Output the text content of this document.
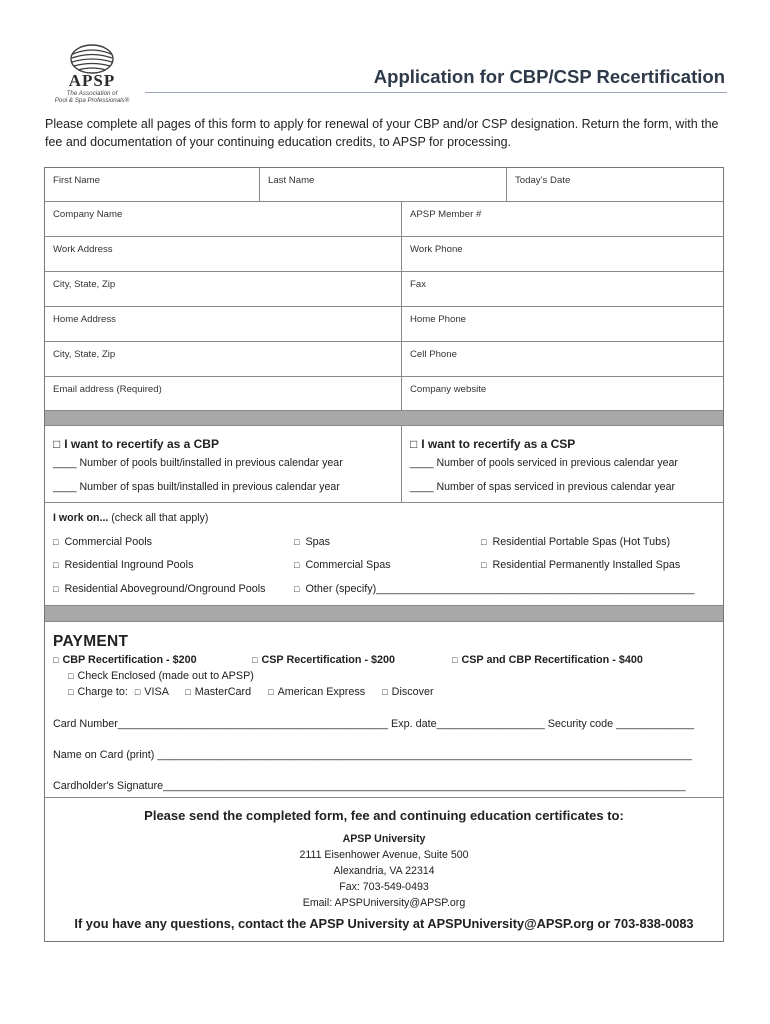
APSP
The Association of
Pool & Spa Professionals®
Application for CBP/CSP Recertification
Please complete all pages of this form to apply for renewal of your CBP and/or CSP designation. Return the form, with the fee and documentation of your continuing education credits, to APSP for processing.
First Name	Last Name	Today’s Date
Company Name	APSP Member #
Work Address	Work Phone
City, State, Zip	Fax
Home Address	Home Phone
City, State, Zip	Cell Phone
Email address (Required)	Company website
□ I want to recertify as a CBP
____ Number of pools built/installed in previous calendar year
____ Number of spas built/installed in previous calendar year
□ I want to recertify as a CSP
____ Number of pools serviced in previous calendar year
____ Number of spas serviced in previous calendar year
I work on... (check all that apply)
□ Commercial Pools	□ Spas	□ Residential Portable Spas (Hot Tubs)
□ Residential Inground Pools	□ Commercial Spas	□ Residential Permanently Installed Spas
□ Residential Aboveground/Onground Pools	□ Other (specify)_____________________________________________________
PAYMENT
□ CBP Recertification - $200	□ CSP Recertification - $200	□ CSP and CBP Recertification - $400
□ Check Enclosed (made out to APSP)
□ Charge to: □ VISA □ MasterCard □ American Express □ Discover
Card Number_____________________________________________ Exp. date__________________ Security code _____________
Name on Card (print) _________________________________________________________________________________________
Cardholder's Signature_______________________________________________________________________________________
Please send the completed form, fee and continuing education certificates to:
APSP University
2111 Eisenhower Avenue, Suite 500
Alexandria, VA 22314
Fax: 703-549-0493
Email: APSPUniversity@APSP.org
If you have any questions, contact the APSP University at APSPUniversity@APSP.org or 703-838-0083
